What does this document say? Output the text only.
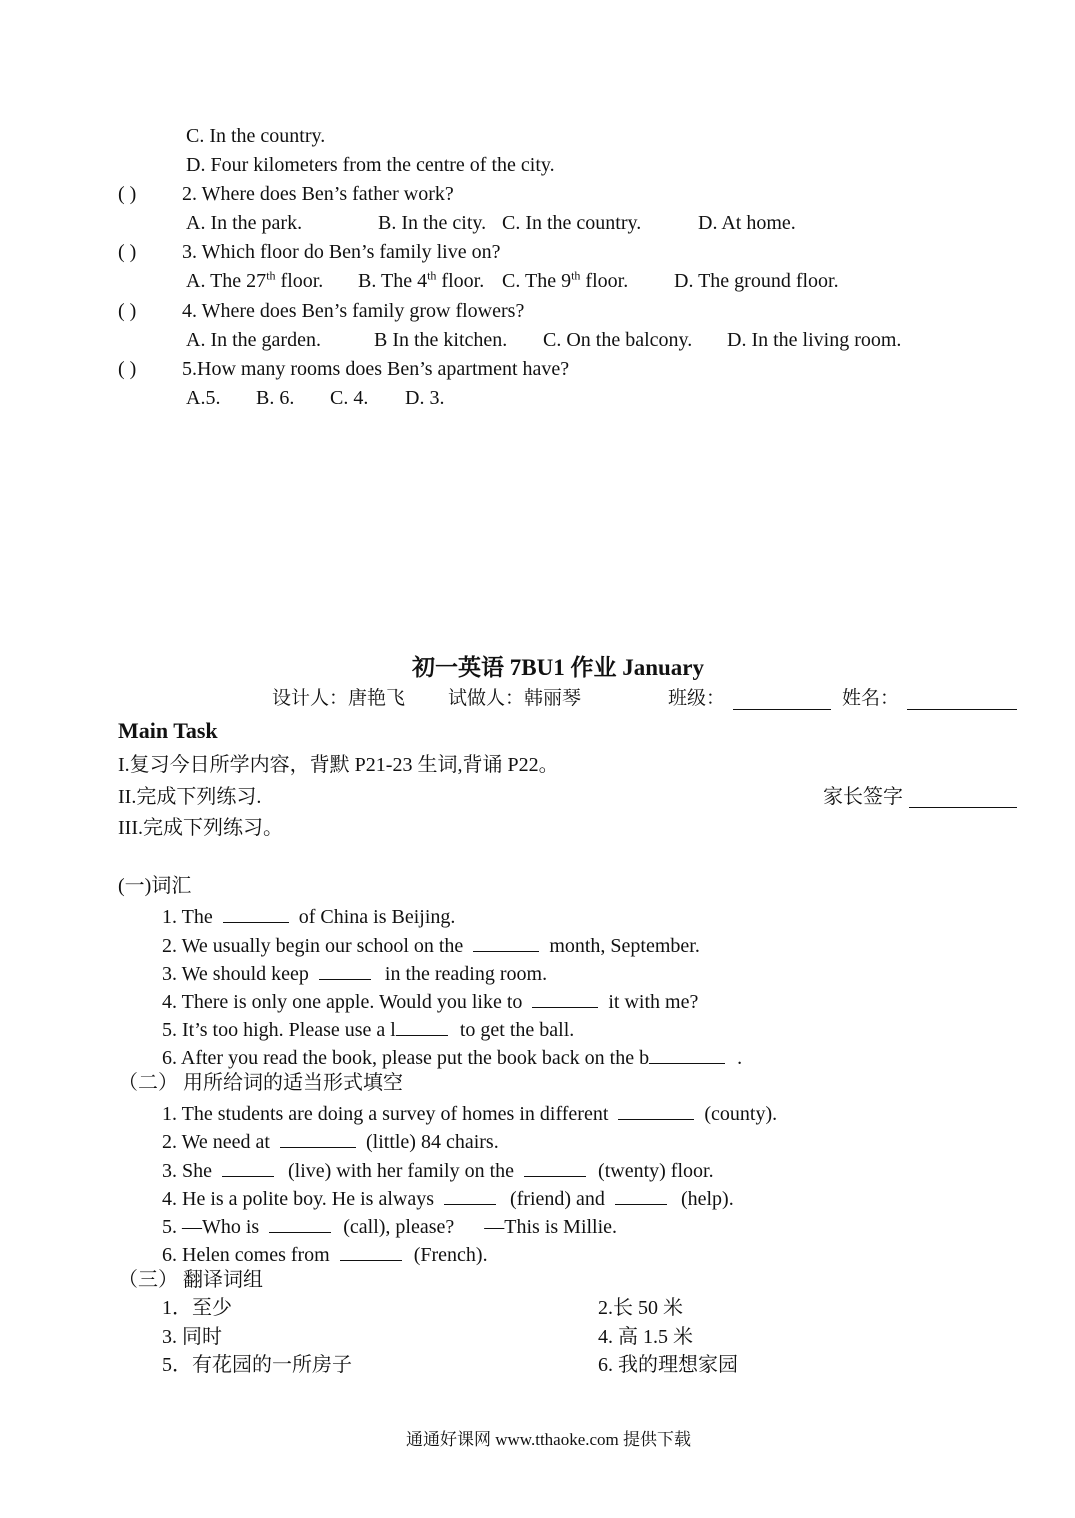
C. In the country.
D. Four kilometers from the centre of the city.
( ) 2. Where does Ben’s father work?
A. In the park.	B. In the city. C. In the country.	D. At home.
( ) 3. Which floor do Ben’s family live on?
A. The 27th floor. B. The 4th floor. C. The 9th floor. D. The ground floor.
( ) 4. Where does Ben’s family grow flowers?
A. In the garden.	B In the kitchen. C. On the balcony. D. In the living room.
( ) 5.How many rooms does Ben’s apartment have?
A.5. B. 6. C. 4. D. 3.
初一英语 7BU1 作业 January
设计人：唐艳飞 试做人：韩丽琴	班级：	姓名：
Main Task
I.复习今日所学内容，背默 P21-23 生词,背诵 P22。
II.完成下列练习.	家长签字
III.完成下列练习。
(一)词汇
1. The	of China is Beijing.
2. We usually begin our school on the	month, September.
3. We should keep	in the reading room.
4. There is only one apple. Would you like to	it with me?
5. It’s too high. Please use a l	to get the ball.
6. After you read the book, please put the book back on the b	.
（二） 用所给词的适当形式填空
1. The students are doing a survey of homes in different	(county).
2. We need at	(little) 84 chairs.
3. She	(live) with her family on the	(twenty) floor.
4. He is a polite boy. He is always	(friend) and	(help).
5. —Who is	(call), please? —This is Millie.
6. Helen comes from	(French).
（三） 翻译词组
1．至少	2.长 50 米
3. 同时	4. 高 1.5 米
5．有花园的一所房子	6. 我的理想家园
通通好课网 www.tthaoke.com 提供下载
